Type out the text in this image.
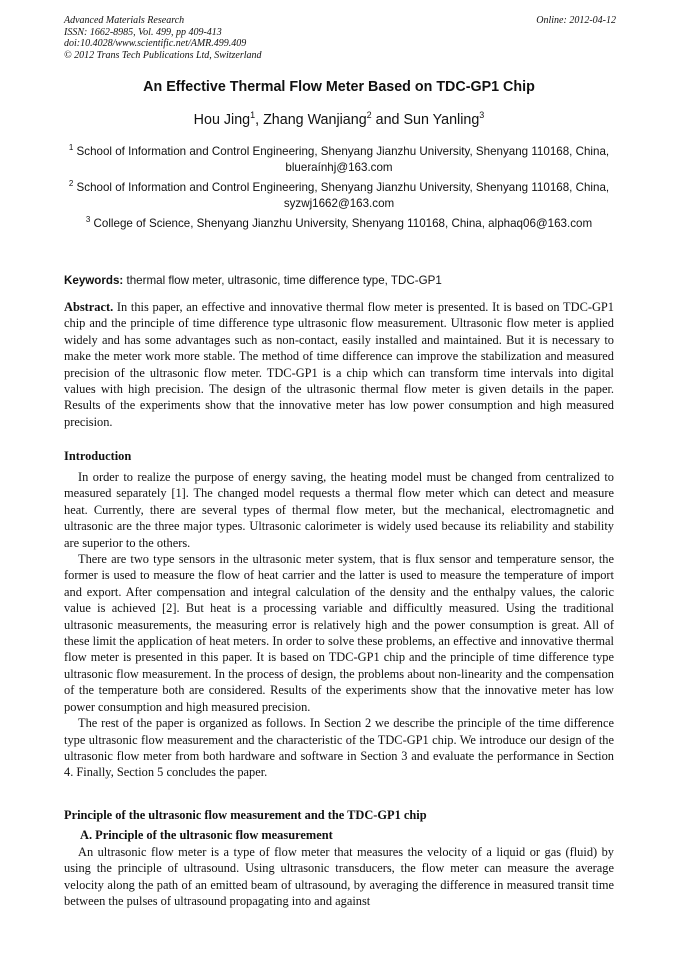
Advanced Materials Research
ISSN: 1662-8985, Vol. 499, pp 409-413
doi:10.4028/www.scientific.net/AMR.499.409
© 2012 Trans Tech Publications Ltd, Switzerland
Online: 2012-04-12
An Effective Thermal Flow Meter Based on TDC-GP1 Chip
Hou Jing$^1$, Zhang Wanjiang$^2$ and Sun Yanling$^3$
$^1$ School of Information and Control Engineering, Shenyang Jianzhu University, Shenyang 110168, China, blueraínhj@163.com
$^2$ School of Information and Control Engineering, Shenyang Jianzhu University, Shenyang 110168, China, syzwj1662@163.com
$^3$ College of Science, Shenyang Jianzhu University, Shenyang 110168, China, alphaq06@163.com
Keywords: thermal flow meter, ultrasonic, time difference type, TDC-GP1
Abstract. In this paper, an effective and innovative thermal flow meter is presented. It is based on TDC-GP1 chip and the principle of time difference type ultrasonic flow measurement. Ultrasonic flow meter is applied widely and has some advantages such as non-contact, easily installed and maintained. But it is necessary to make the meter work more stable. The method of time difference can improve the stabilization and measured precision of the ultrasonic flow meter. TDC-GP1 is a chip which can transform time intervals into digital values with high precision. The design of the ultrasonic thermal flow meter is given details in the paper. Results of the experiments show that the innovative meter has low power consumption and high measured precision.
Introduction

In order to realize the purpose of energy saving, the heating model must be changed from centralized to measured separately [1]. The changed model requests a thermal flow meter which can detect and measure heat. Currently, there are several types of thermal flow meter, but the mechanical, electromagnetic and ultrasonic are the three major types. Ultrasonic calorimeter is widely used because its reliability and stability are superior to the others.

There are two type sensors in the ultrasonic meter system, that is flux sensor and temperature sensor, the former is used to measure the flow of heat carrier and the latter is used to measure the temperature of import and export. After compensation and integral calculation of the density and the enthalpy values, the caloric value is achieved [2]. But heat is a processing variable and difficultly measured. Using the traditional ultrasonic measurements, the measuring error is relatively high and the power consumption is great. All of these limit the application of heat meters. In order to solve these problems, an effective and innovative thermal flow meter is presented in this paper. It is based on TDC-GP1 chip and the principle of time difference type ultrasonic flow measurement. In the process of design, the problems about non-linearity and the compensation of the temperature both are considered. Results of the experiments show that the innovative meter has low power consumption and high measured precision.

The rest of the paper is organized as follows. In Section 2 we describe the principle of the time difference type ultrasonic flow measurement and the characteristic of the TDC-GP1 chip. We introduce our design of the ultrasonic flow meter from both hardware and software in Section 3 and evaluate the performance in Section 4. Finally, Section 5 concludes the paper.

Principle of the ultrasonic flow measurement and the TDC-GP1 chip
A. Principle of the ultrasonic flow measurement

An ultrasonic flow meter is a type of flow meter that measures the velocity of a liquid or gas (fluid) by using the principle of ultrasound. Using ultrasonic transducers, the flow meter can measure the average velocity along the path of an emitted beam of ultrasound, by averaging the difference in measured transit time between the pulses of ultrasound propagating into and against
